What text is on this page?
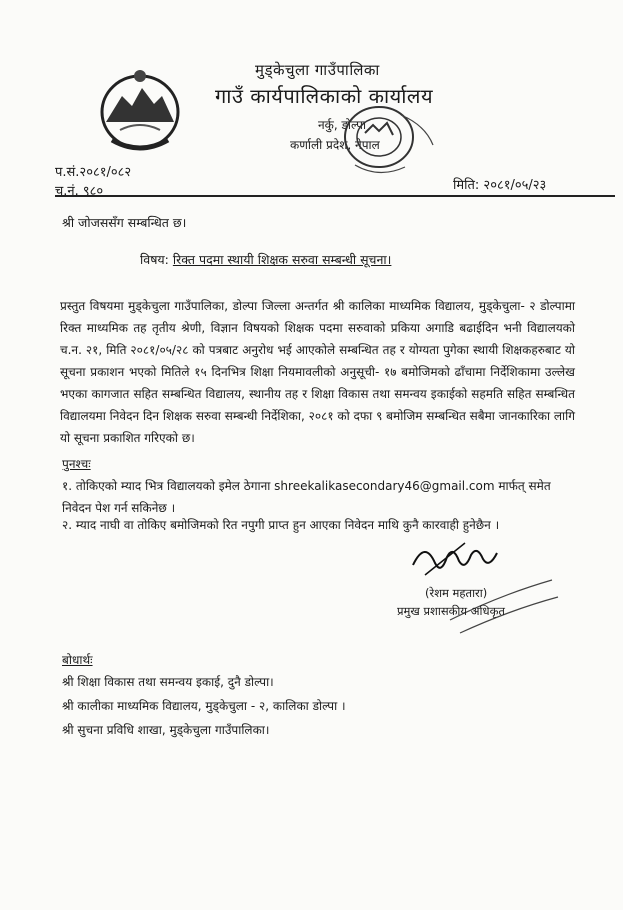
मुड्केचुला गाउँपालिका
गाउँ कार्यपालिकाको कार्यालय
नर्कु, डोल्पा
कर्णाली प्रदेश, नेपाल
प.सं.२०८१/०८२
च.नं. ९८०	मिति: २०८१/०५/२३
श्री जोजससँग सम्बन्धित छ।
विषय: रिक्त पदमा स्थायी शिक्षक सरुवा सम्बन्धी सूचना।
प्रस्तुत विषयमा मुड्केचुला गाउँपालिका, डोल्पा जिल्ला अन्तर्गत श्री कालिका माध्यमिक विद्यालय, मुड्केचुला- २ डोल्पामा रिक्त माध्यमिक तह तृतीय श्रेणी, विज्ञान विषयको शिक्षक पदमा सरुवाको प्रकिया अगाडि बढाईदिन भनी विद्यालयको च.न. २१, मिति २०८१/०५/२८ को पत्रबाट अनुरोध भई आएकोले सम्बन्धित तह र योग्यता पुगेका स्थायी शिक्षकहरुबाट यो सूचना प्रकाशन भएको मितिले १५ दिनभित्र शिक्षा नियमावलीको अनुसूची- १७ बमोजिमको ढाँचामा निर्देशिकामा उल्लेख भएका कागजात सहित सम्बन्धित विद्यालय, स्थानीय तह र शिक्षा विकास तथा समन्वय इकाईको सहमति सहित सम्बन्धित विद्यालयमा निवेदन दिन शिक्षक सरुवा सम्बन्धी निर्देशिका, २०८१ को दफा ९ बमोजिम सम्बन्धित सबैमा जानकारिका लागि यो सूचना प्रकाशित गरिएको छ।
पुनश्चः
१. तोकिएको म्याद भित्र विद्यालयको इमेल ठेगाना shreekalikasecondary46@gmail.com मार्फत् समेत निवेदन पेश गर्न सकिनेछ ।
२. म्याद नाघी वा तोकिए बमोजिमको रित नपुगी प्राप्त हुन आएका निवेदन माथि कुनै कारवाही हुनेछैन ।
(रेशम महतारा)
प्रमुख प्रशासकीय अधिकृत
बोधार्थः
श्री शिक्षा विकास तथा समन्वय इकाई, दुनै डोल्पा।
श्री कालीका माध्यमिक विद्यालय, मुड्केचुला - २, कालिका डोल्पा ।
श्री सुचना प्रविधि शाखा, मुड्केचुला गाउँपालिका।
